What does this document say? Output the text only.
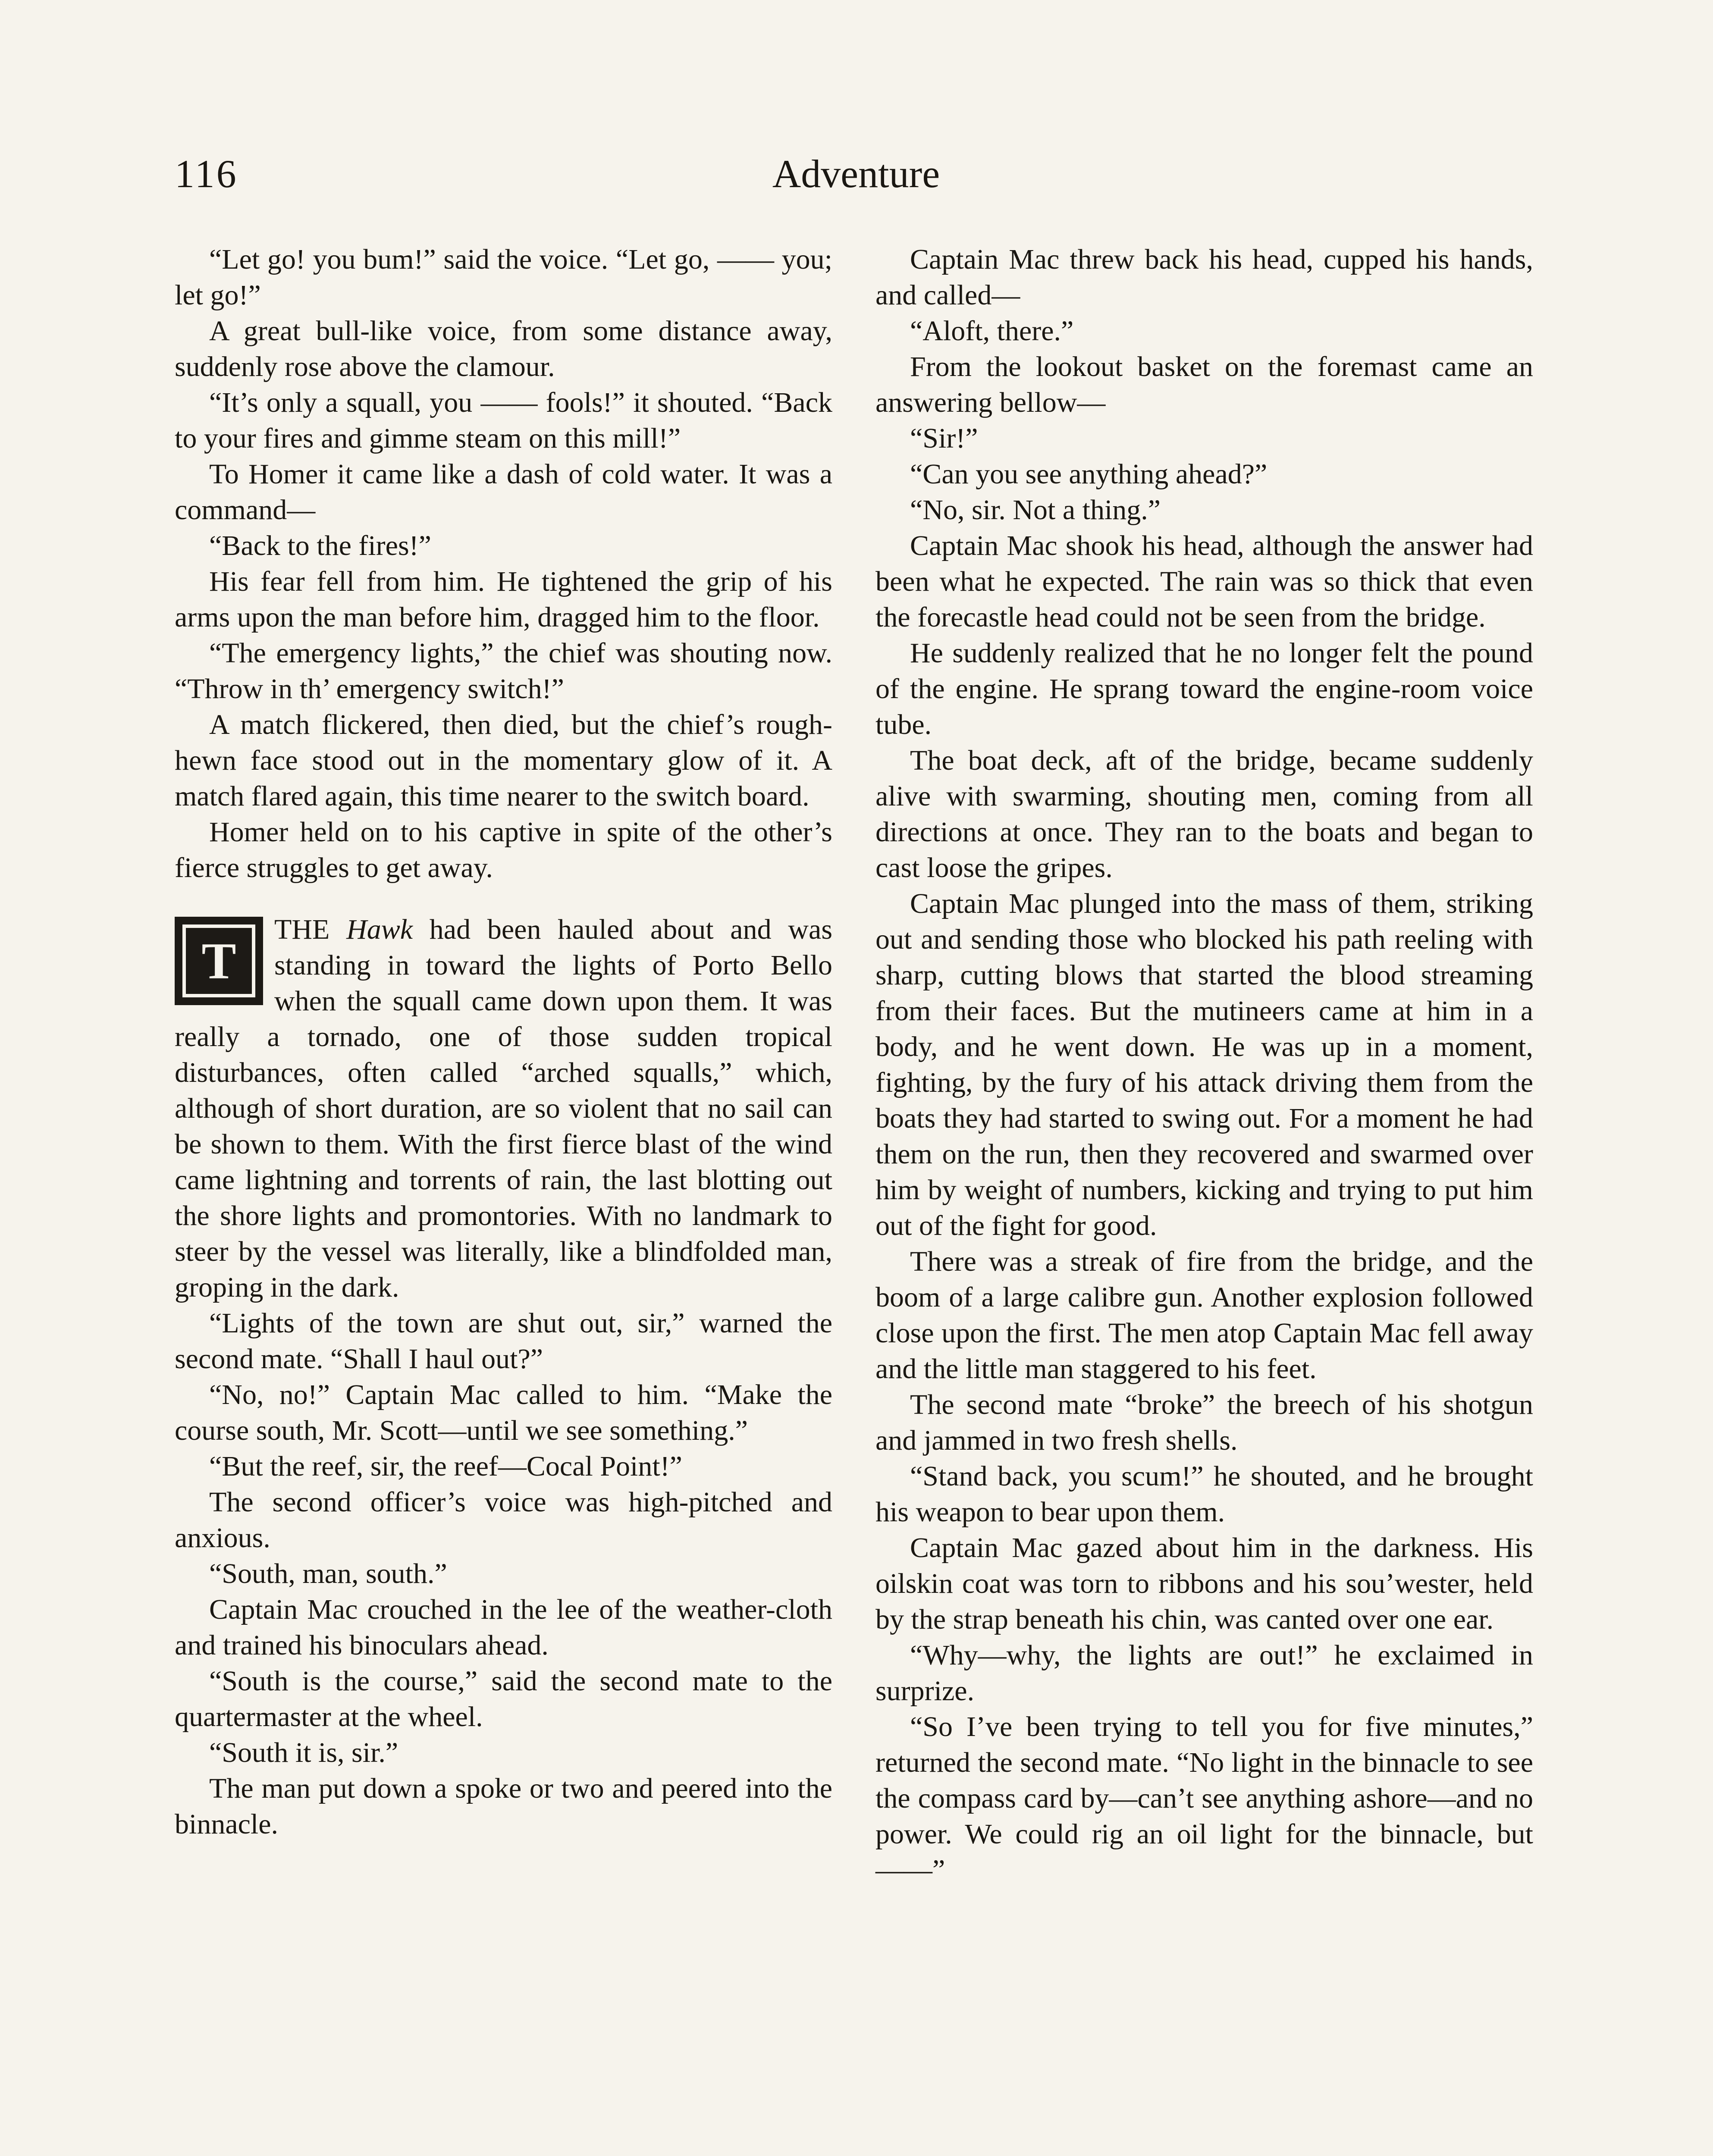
116	Adventure

“Let go! you bum!” said the voice. “Let go, —— you; let go!”

A great bull-like voice, from some distance away, suddenly rose above the clamour.

“It’s only a squall, you —— fools!” it shouted. “Back to your fires and gimme steam on this mill!”

To Homer it came like a dash of cold water. It was a command—

“Back to the fires!”

His fear fell from him. He tightened the grip of his arms upon the man before him, dragged him to the floor.

“The emergency lights,” the chief was shouting now. “Throw in th’ emergency switch!”

A match flickered, then died, but the chief’s rough-hewn face stood out in the momentary glow of it. A match flared again, this time nearer to the switch board.

Homer held on to his captive in spite of the other’s fierce struggles to get away.

T

THE Hawk had been hauled about and was standing in toward the lights of Porto Bello when the squall came down upon them. It was really a tornado, one of those sudden tropical disturbances, often called “arched squalls,” which, although of short duration, are so violent that no sail can be shown to them. With the first fierce blast of the wind came lightning and torrents of rain, the last blotting out the shore lights and promontories. With no landmark to steer by the vessel was literally, like a blindfolded man, groping in the dark.

“Lights of the town are shut out, sir,” warned the second mate. “Shall I haul out?”

“No, no!” Captain Mac called to him. “Make the course south, Mr. Scott—until we see something.”

“But the reef, sir, the reef—Cocal Point!”

The second officer’s voice was high-pitched and anxious.

“South, man, south.”

Captain Mac crouched in the lee of the weather-cloth and trained his binoculars ahead.

“South is the course,” said the second mate to the quartermaster at the wheel.

“South it is, sir.”

The man put down a spoke or two and peered into the binnacle.

Captain Mac threw back his head, cupped his hands, and called—

“Aloft, there.”

From the lookout basket on the foremast came an answering bellow—

“Sir!”

“Can you see anything ahead?”

“No, sir. Not a thing.”

Captain Mac shook his head, although the answer had been what he expected. The rain was so thick that even the forecastle head could not be seen from the bridge.

He suddenly realized that he no longer felt the pound of the engine. He sprang toward the engine-room voice tube.

The boat deck, aft of the bridge, became suddenly alive with swarming, shouting men, coming from all directions at once. They ran to the boats and began to cast loose the gripes.

Captain Mac plunged into the mass of them, striking out and sending those who blocked his path reeling with sharp, cutting blows that started the blood streaming from their faces. But the mutineers came at him in a body, and he went down. He was up in a moment, fighting, by the fury of his attack driving them from the boats they had started to swing out. For a moment he had them on the run, then they recovered and swarmed over him by weight of numbers, kicking and trying to put him out of the fight for good.

There was a streak of fire from the bridge, and the boom of a large calibre gun. Another explosion followed close upon the first. The men atop Captain Mac fell away and the little man staggered to his feet.

The second mate “broke” the breech of his shotgun and jammed in two fresh shells.

“Stand back, you scum!” he shouted, and he brought his weapon to bear upon them.

Captain Mac gazed about him in the darkness. His oilskin coat was torn to ribbons and his sou’wester, held by the strap beneath his chin, was canted over one ear.

“Why—why, the lights are out!” he exclaimed in surprize.

“So I’ve been trying to tell you for five minutes,” returned the second mate. “No light in the binnacle to see the compass card by—can’t see anything ashore—and no power. We could rig an oil light for the binnacle, but——”
